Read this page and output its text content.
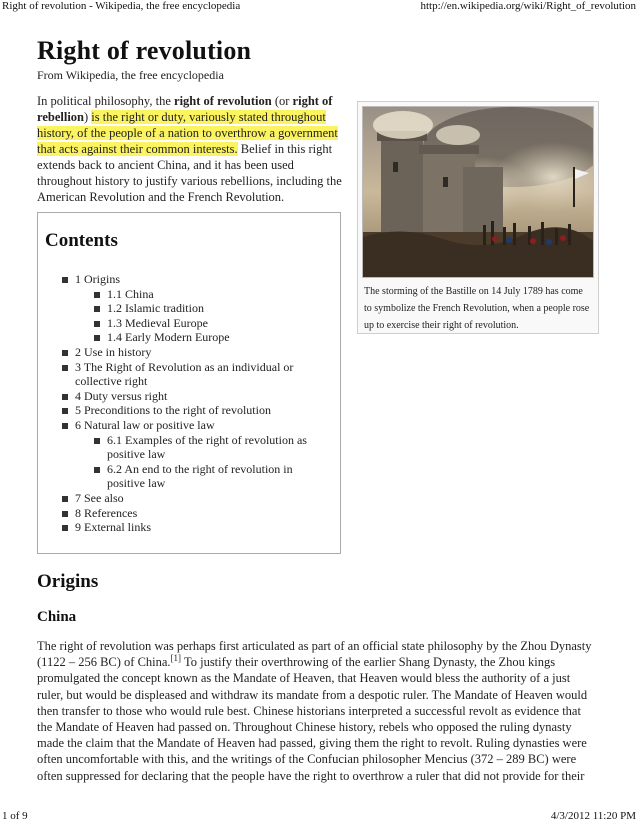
Right of revolution - Wikipedia, the free encyclopedia	http://en.wikipedia.org/wiki/Right_of_revolution
Right of revolution
From Wikipedia, the free encyclopedia

In political philosophy, the right of revolution (or right of rebellion) is the right or duty, variously stated throughout history, of the people of a nation to overthrow a government that acts against their common interests. Belief in this right extends back to ancient China, and it has been used throughout history to justify various rebellions, including the American Revolution and the French Revolution.

The storming of the Bastille on 14 July 1789 has come to symbolize the French Revolution, when a people rose up to exercise their right of revolution.
Contents
1 Origins
1.1 China
1.2 Islamic tradition
1.3 Medieval Europe
1.4 Early Modern Europe
2 Use in history
3 The Right of Revolution as an individual or collective right
4 Duty versus right
5 Preconditions to the right of revolution
6 Natural law or positive law
6.1 Examples of the right of revolution as positive law
6.2 An end to the right of revolution in positive law
7 See also
8 References
9 External links
Origins
China

The right of revolution was perhaps first articulated as part of an official state philosophy by the Zhou Dynasty (1122 – 256 BC) of China.[1] To justify their overthrowing of the earlier Shang Dynasty, the Zhou kings promulgated the concept known as the Mandate of Heaven, that Heaven would bless the authority of a just ruler, but would be displeased and withdraw its mandate from a despotic ruler. The Mandate of Heaven would then transfer to those who would rule best. Chinese historians interpreted a successful revolt as evidence that the Mandate of Heaven had passed on. Throughout Chinese history, rebels who opposed the ruling dynasty made the claim that the Mandate of Heaven had passed, giving them the right to revolt. Ruling dynasties were often uncomfortable with this, and the writings of the Confucian philosopher Mencius (372 – 289 BC) were often suppressed for declaring that the people have the right to overthrow a ruler that did not provide for their

1 of 9	4/3/2012 11:20 PM
